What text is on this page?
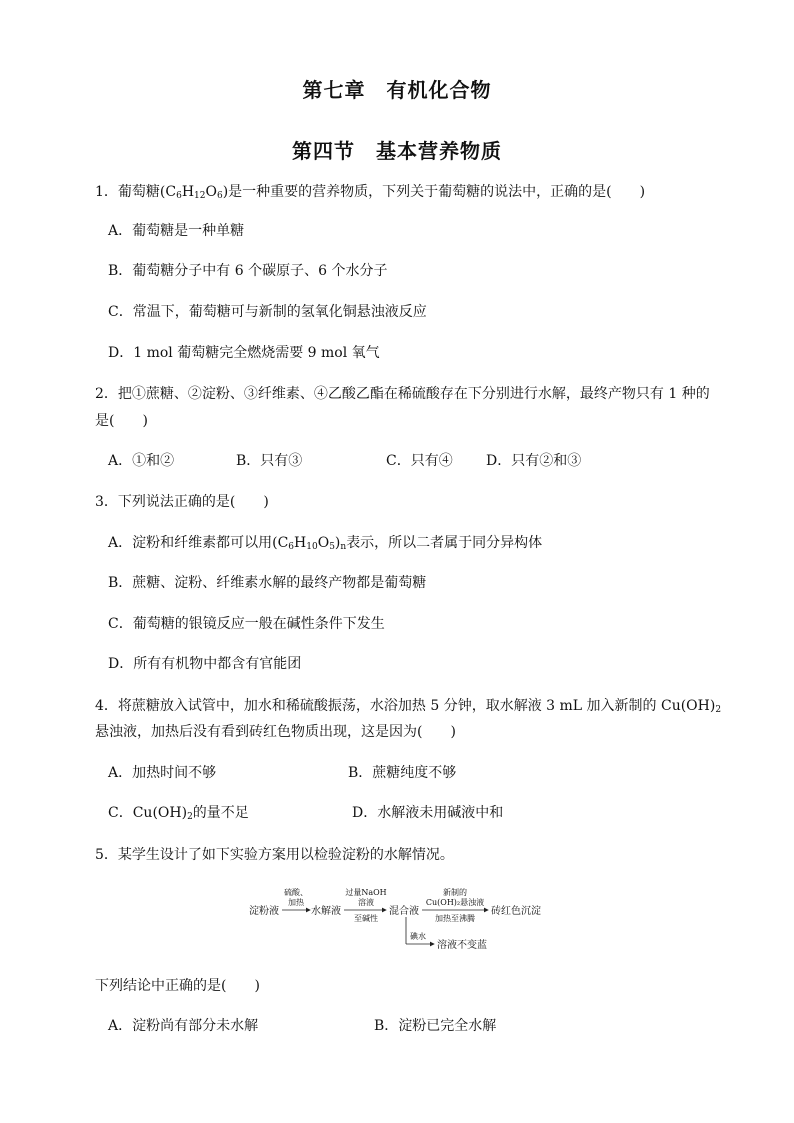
第七章　有机化合物
第四节　基本营养物质
1．葡萄糖$(C_6H_{12}O_6)$是一种重要的营养物质，下列关于葡萄糖的说法中，正确的是(　　)
A．葡萄糖是一种单糖
B．葡萄糖分子中有 6 个碳原子、6 个水分子
C．常温下，葡萄糖可与新制的氢氧化铜悬浊液反应
D．1 mol 葡萄糖完全燃烧需要 9 mol 氧气
2．把①蔗糖、②淀粉、③纤维素、④乙酸乙酯在稀硫酸存在下分别进行水解，最终产物只有 1 种的
是(　　)
A．①和②	B．只有③	C．只有④ D．只有②和③
3．下列说法正确的是(　　)
A．淀粉和纤维素都可以用$(C_6H_{10}O_5)_n$表示，所以二者属于同分异构体
B．蔗糖、淀粉、纤维素水解的最终产物都是葡萄糖
C．葡萄糖的银镜反应一般在碱性条件下发生
D．所有有机物中都含有官能团
4．将蔗糖放入试管中，加水和稀硫酸振荡，水浴加热 5 分钟，取水解液 3 mL 加入新制的 $Cu(OH)_2$
悬浊液，加热后没有看到砖红色物质出现，这是因为(　　)
A．加热时间不够	B．蔗糖纯度不够
C．$Cu(OH)_2$的量不足	D．水解液未用碱液中和
5．某学生设计了如下实验方案用以检验淀粉的水解情况。
淀粉液
硫酸、
加热
水解液
过量NaOH
溶液
至碱性
混合液
新制的
Cu(OH)₂悬浊液
加热至沸腾
砖红色沉淀
碘水
溶液不变蓝
下列结论中正确的是(　　)
A．淀粉尚有部分未水解	B．淀粉已完全水解
